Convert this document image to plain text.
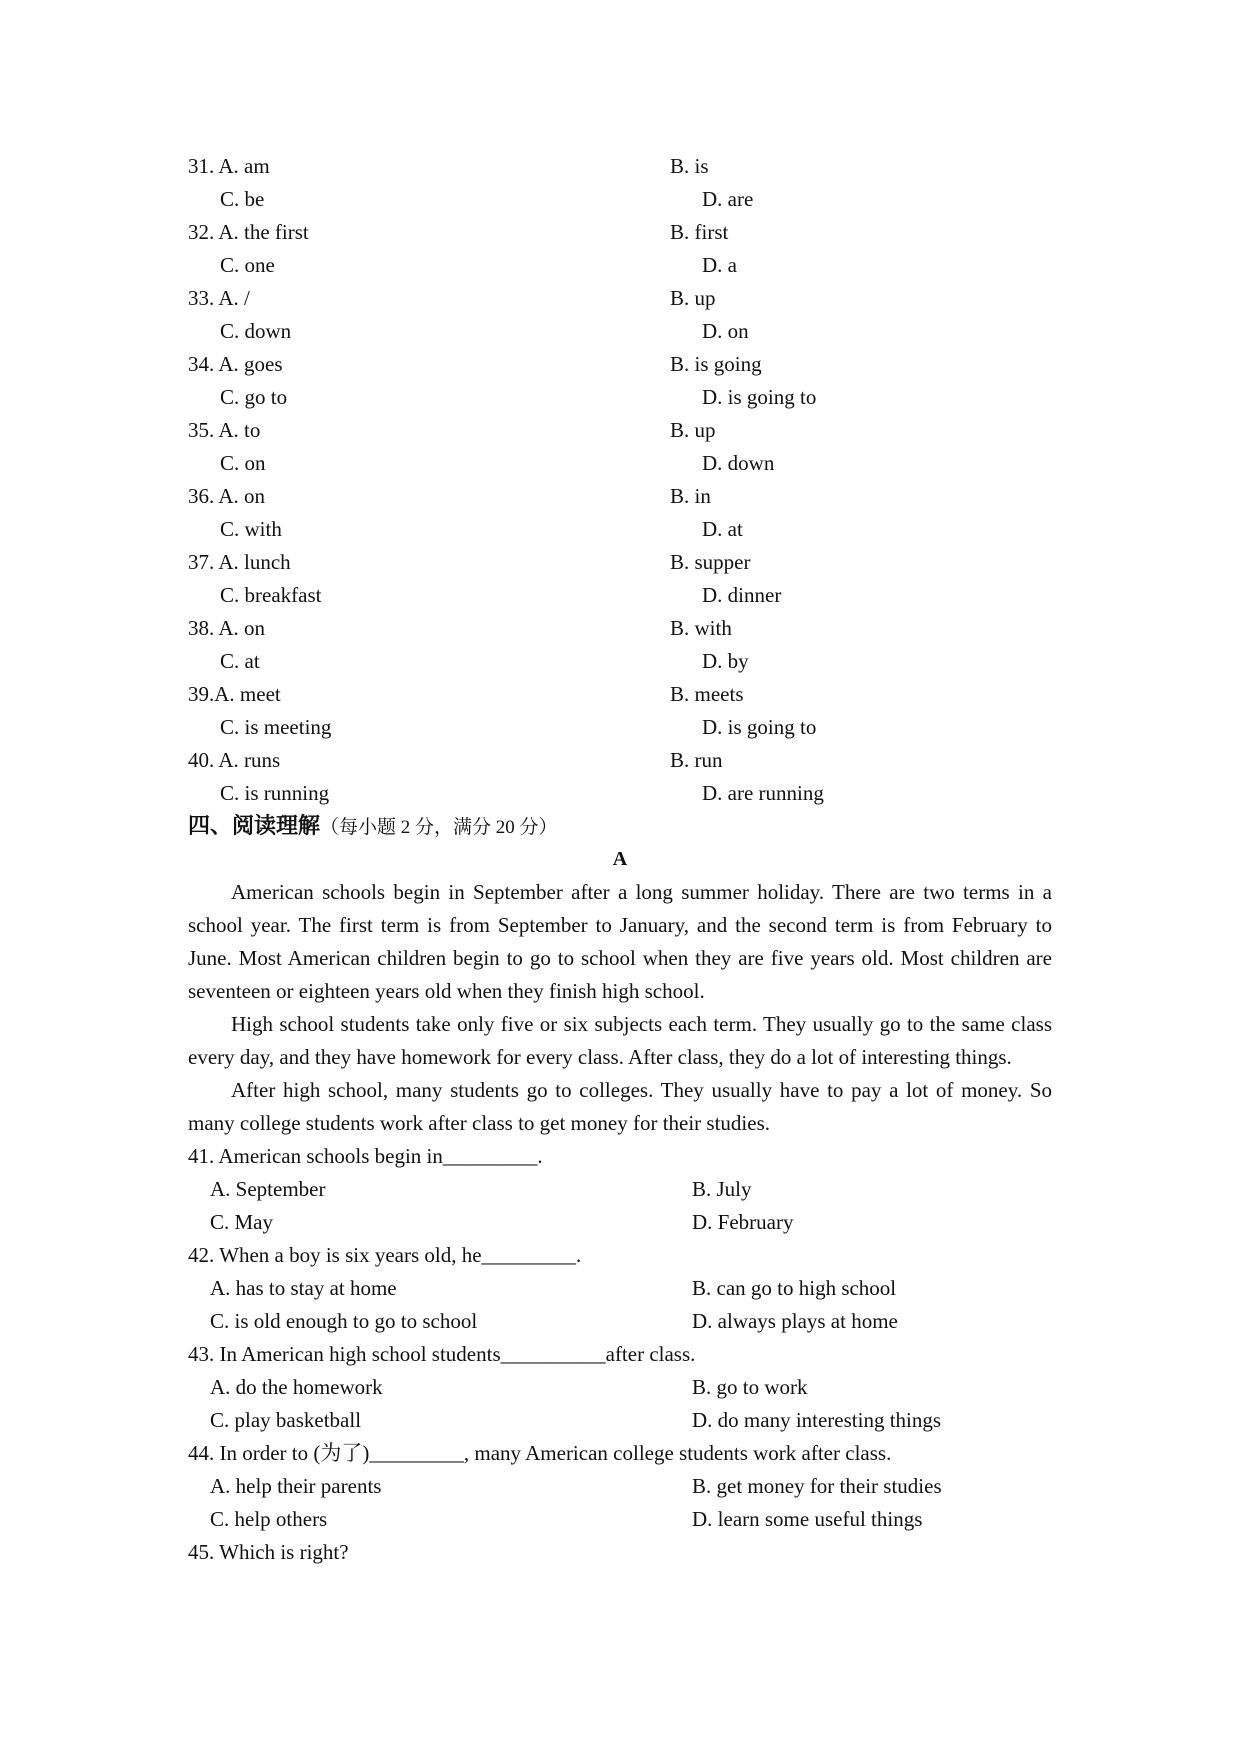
31. A. am	B. is
C. be	D. are
32. A. the first	B. first
C. one	D. a
33. A. /	B. up
C. down	D. on
34. A. goes	B. is going
C. go to	D. is going to
35. A. to	B. up
C. on	D. down
36. A. on	B. in
C. with	D. at
37. A. lunch	B. supper
C. breakfast	D. dinner
38. A. on	B. with
C. at	D. by
39.A. meet	B. meets
C. is meeting	D. is going to
40. A. runs	B. run
C. is running	D. are running
四、阅读理解（每小题 2 分，满分 20 分）
A

American schools begin in September after a long summer holiday. There are two terms in a school year. The first term is from September to January, and the second term is from February to June. Most American children begin to go to school when they are five years old. Most children are seventeen or eighteen years old when they finish high school.

High school students take only five or six subjects each term. They usually go to the same class every day, and they have homework for every class. After class, they do a lot of interesting things.

After high school, many students go to colleges. They usually have to pay a lot of money. So many college students work after class to get money for their studies.

41. American schools begin in_________.
A. September	B. July
C. May	D. February
42. When a boy is six years old, he_________.
A. has to stay at home	B. can go to high school
C. is old enough to go to school	D. always plays at home
43. In American high school students__________after class.
A. do the homework	B. go to work
C. play basketball	D. do many interesting things
44. In order to (为了)_________, many American college students work after class.
A. help their parents	B. get money for their studies
C. help others	D. learn some useful things
45. Which is right?
